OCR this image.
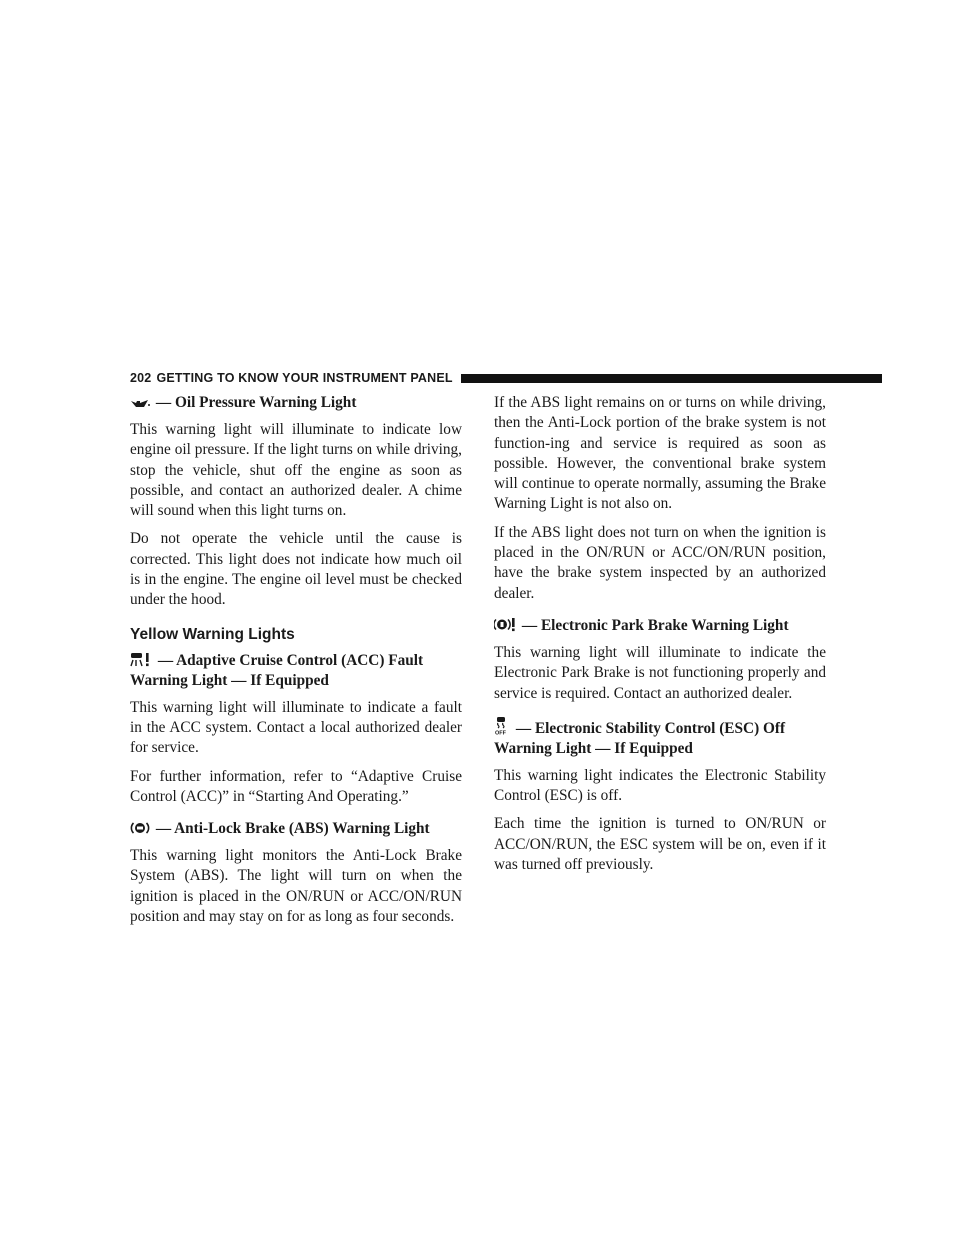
202 GETTING TO KNOW YOUR INSTRUMENT PANEL
— Oil Pressure Warning Light

This warning light will illuminate to indicate low engine oil pressure. If the light turns on while driving, stop the vehicle, shut off the engine as soon as possible, and contact an authorized dealer. A chime will sound when this light turns on.

Do not operate the vehicle until the cause is corrected. This light does not indicate how much oil is in the engine. The engine oil level must be checked under the hood.

Yellow Warning Lights
— Adaptive Cruise Control (ACC) Fault Warning Light — If Equipped

This warning light will illuminate to indicate a fault in the ACC system. Contact a local authorized dealer for service.

For further information, refer to “Adaptive Cruise Control (ACC)” in “Starting And Operating.”

— Anti-Lock Brake (ABS) Warning Light

This warning light monitors the Anti-Lock Brake System (ABS). The light will turn on when the ignition is placed in the ON/RUN or ACC/ON/RUN position and may stay on for as long as four seconds.

If the ABS light remains on or turns on while driving, then the Anti-Lock portion of the brake system is not function-ing and service is required as soon as possible. However, the conventional brake system will continue to operate normally, assuming the Brake Warning Light is not also on.

If the ABS light does not turn on when the ignition is placed in the ON/RUN or ACC/ON/RUN position, have the brake system inspected by an authorized dealer.

— Electronic Park Brake Warning Light

This warning light will illuminate to indicate the Electronic Park Brake is not functioning properly and service is required. Contact an authorized dealer.

OFF — Electronic Stability Control (ESC) Off Warning Light — If Equipped

This warning light indicates the Electronic Stability Control (ESC) is off.

Each time the ignition is turned to ON/RUN or ACC/ON/RUN, the ESC system will be on, even if it was turned off previously.
